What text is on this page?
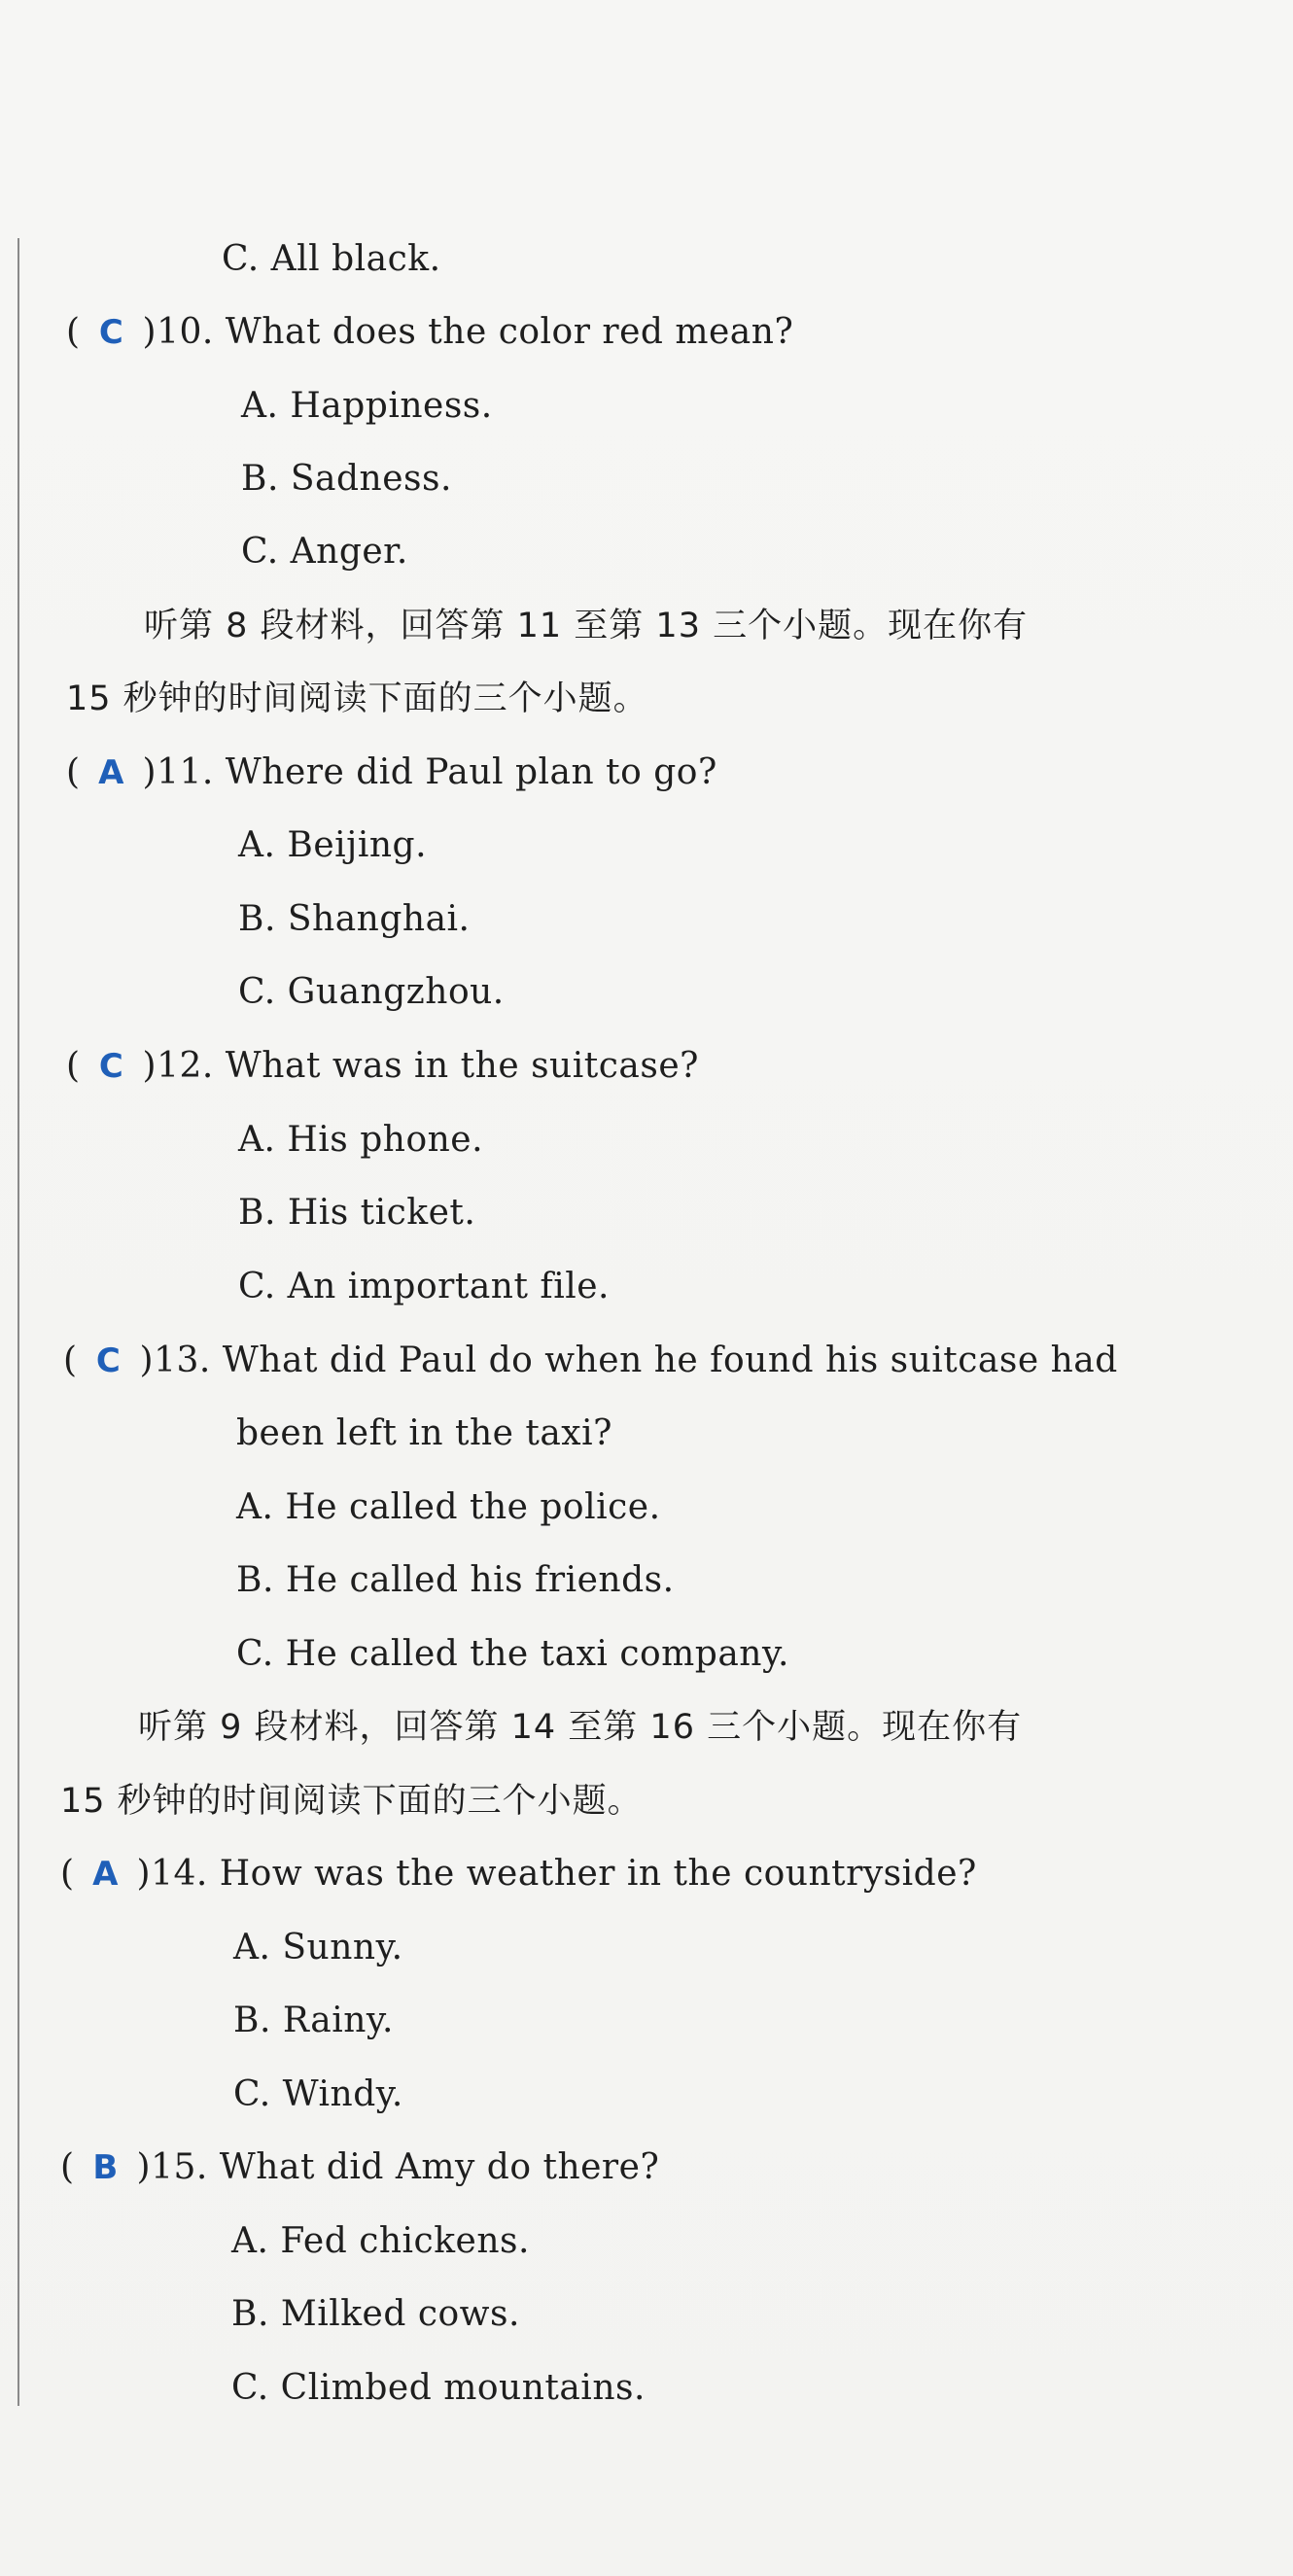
C. All black.
( C )10. What does the color red mean?
A. Happiness.
B. Sadness.
C. Anger.
听第 8 段材料，回答第 11 至第 13 三个小题。现在你有
15 秒钟的时间阅读下面的三个小题。
( A )11. Where did Paul plan to go?
A. Beijing.
B. Shanghai.
C. Guangzhou.
( C )12. What was in the suitcase?
A. His phone.
B. His ticket.
C. An important file.
( C )13. What did Paul do when he found his suitcase had
been left in the taxi?
A. He called the police.
B. He called his friends.
C. He called the taxi company.
听第 9 段材料，回答第 14 至第 16 三个小题。现在你有
15 秒钟的时间阅读下面的三个小题。
( A )14. How was the weather in the countryside?
A. Sunny.
B. Rainy.
C. Windy.
( B )15. What did Amy do there?
A. Fed chickens.
B. Milked cows.
C. Climbed mountains.
